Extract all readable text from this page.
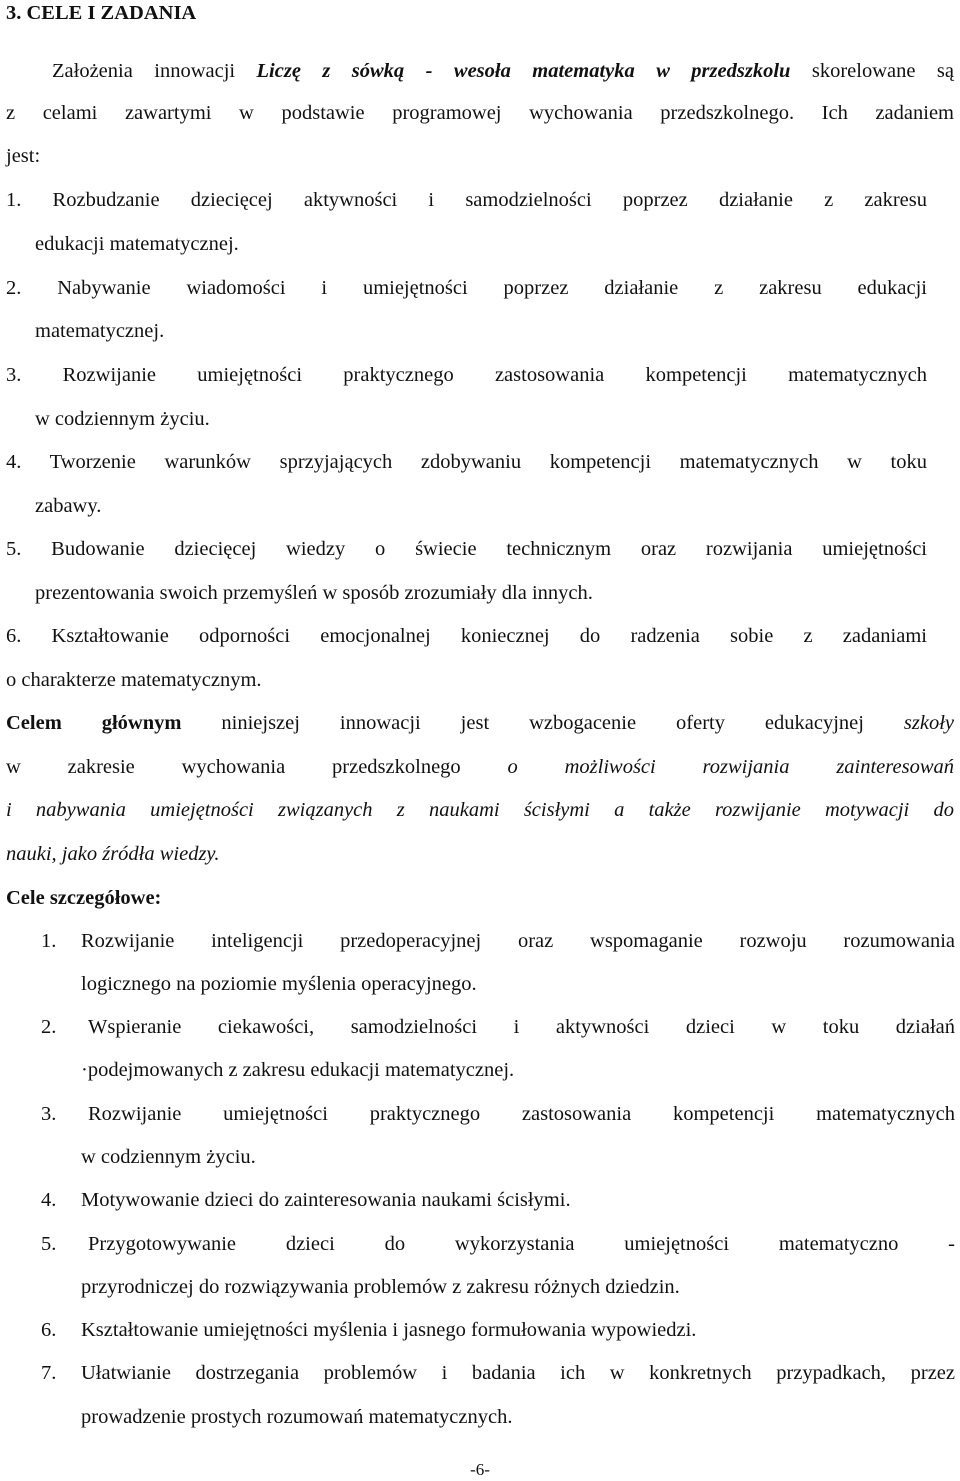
3. CELE I ZADANIA
Założenia innowacji Liczę z sówką - wesoła matematyka w przedszkolu skorelowane są
z celami zawartymi w podstawie programowej wychowania przedszkolnego. Ich zadaniem
jest:
1. Rozbudzanie dziecięcej aktywności i samodzielności poprzez działanie z zakresu
edukacji matematycznej.
2. Nabywanie wiadomości i umiejętności poprzez działanie z zakresu edukacji
matematycznej.
3. Rozwijanie umiejętności praktycznego zastosowania kompetencji matematycznych
w codziennym życiu.
4. Tworzenie warunków sprzyjających zdobywaniu kompetencji matematycznych w toku
zabawy.
5. Budowanie dziecięcej wiedzy o świecie technicznym oraz rozwijania umiejętności
prezentowania swoich przemyśleń w sposób zrozumiały dla innych.
6. Kształtowanie odporności emocjonalnej koniecznej do radzenia sobie z zadaniami
o charakterze matematycznym.
Celem głównym niniejszej innowacji jest wzbogacenie oferty edukacyjnej szkoły
w zakresie wychowania przedszkolnego o możliwości rozwijania zainteresowań
i nabywania umiejętności związanych z naukami ścisłymi a także rozwijanie motywacji do
nauki, jako źródła wiedzy.
Cele szczegółowe:
1. Rozwijanie inteligencji przedoperacyjnej oraz wspomaganie rozwoju rozumowania
logicznego na poziomie myślenia operacyjnego.
2. Wspieranie ciekawości, samodzielności i aktywności dzieci w toku działań
·podejmowanych z zakresu edukacji matematycznej.
3. Rozwijanie umiejętności praktycznego zastosowania kompetencji matematycznych
w codziennym życiu.
4. Motywowanie dzieci do zainteresowania naukami ścisłymi.
5. Przygotowywanie dzieci do wykorzystania umiejętności matematyczno -
przyrodniczej do rozwiązywania problemów z zakresu różnych dziedzin.
6. Kształtowanie umiejętności myślenia i jasnego formułowania wypowiedzi.
7. Ułatwianie dostrzegania problemów i badania ich w konkretnych przypadkach, przez
prowadzenie prostych rozumowań matematycznych.
-6-
